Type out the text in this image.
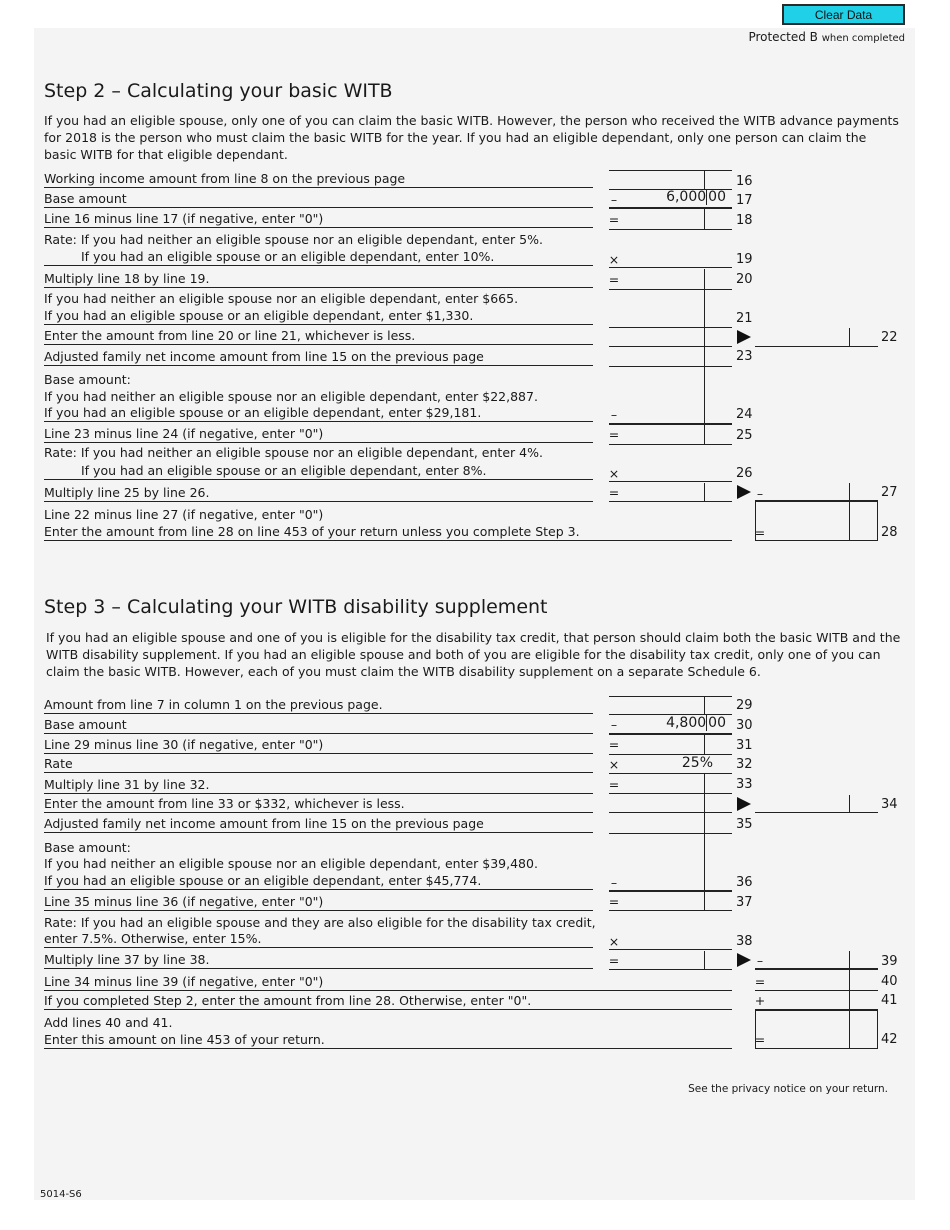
Clear Data
Protected B when completed
Step 2 – Calculating your basic WITB

If you had an eligible spouse, only one of you can claim the basic WITB. However, the person who received the WITB advance payments for 2018 is the person who must claim the basic WITB for the year. If you had an eligible dependant, only one person can claim the basic WITB for that eligible dependant.

Working income amount from line 8 on the previous page	16
Base amount	–	6,000 00 17
Line 16 minus line 17 (if negative, enter "0")	=	18
Rate: If you had neither an eligible spouse nor an eligible dependant, enter 5%.
If you had an eligible spouse or an eligible dependant, enter 10%.	×	19
Multiply line 18 by line 19.	=	20
If you had neither an eligible spouse nor an eligible dependant, enter $665.
If you had an eligible spouse or an eligible dependant, enter $1,330.	21
Enter the amount from line 20 or line 21, whichever is less.	22
Adjusted family net income amount from line 15 on the previous page	23
Base amount:
If you had neither an eligible spouse nor an eligible dependant, enter $22,887.
If you had an eligible spouse or an eligible dependant, enter $29,181.	–	24
Line 23 minus line 24 (if negative, enter "0")	=	25
Rate: If you had neither an eligible spouse nor an eligible dependant, enter 4%.
If you had an eligible spouse or an eligible dependant, enter 8%.	×	26
Multiply line 25 by line 26.	=	–	27
Line 22 minus line 27 (if negative, enter "0")
Enter the amount from line 28 on line 453 of your return unless you complete Step 3.	=	28
Step 3 – Calculating your WITB disability supplement

If you had an eligible spouse and one of you is eligible for the disability tax credit, that person should claim both the basic WITB and the WITB disability supplement. If you had an eligible spouse and both of you are eligible for the disability tax credit, only one of you can claim the basic WITB. However, each of you must claim the WITB disability supplement on a separate Schedule 6.

Amount from line 7 in column 1 on the previous page.	29
Base amount	–	4,800 00 30
Line 29 minus line 30 (if negative, enter "0")	=	31
Rate	×	25% 32
Multiply line 31 by line 32.	=	33
Enter the amount from line 33 or $332, whichever is less.	34
Adjusted family net income amount from line 15 on the previous page	35
Base amount:
If you had neither an eligible spouse nor an eligible dependant, enter $39,480.
If you had an eligible spouse or an eligible dependant, enter $45,774.	–	36
Line 35 minus line 36 (if negative, enter "0")	=	37
Rate: If you had an eligible spouse and they are also eligible for the disability tax credit,
enter 7.5%. Otherwise, enter 15%.	×	38
Multiply line 37 by line 38.	=	–	39
Line 34 minus line 39 (if negative, enter "0")	=	40
If you completed Step 2, enter the amount from line 28. Otherwise, enter "0".	+	41
Add lines 40 and 41.
Enter this amount on line 453 of your return.	=	42
See the privacy notice on your return.
5014-S6
